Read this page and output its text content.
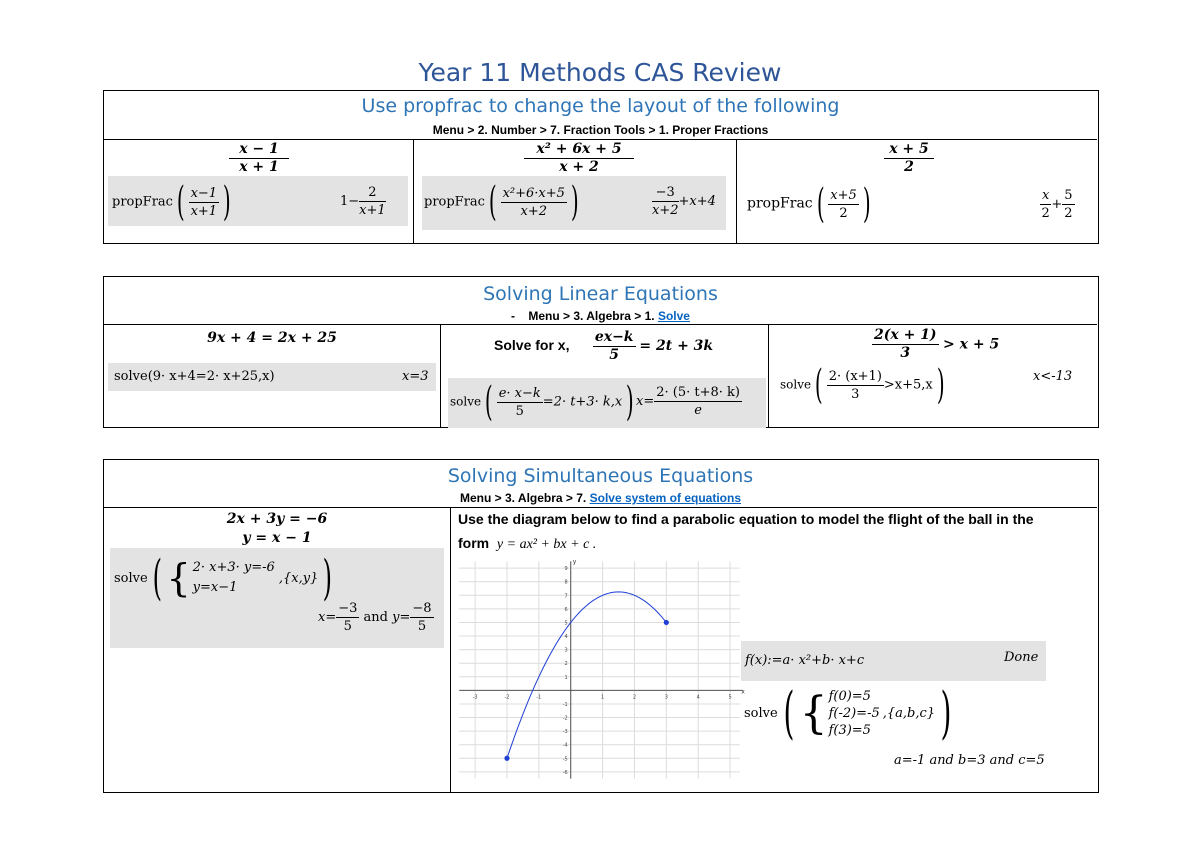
Year 11 Methods CAS Review
Use propfrac to change the layout of the following
Menu > 2. Number > 7. Fraction Tools > 1. Proper Fractions
x − 1
x + 1
propFrac( $\frac{x-1}{x+1}$ )	$1- \frac{2}{x+1}$
x² + 6x + 5
x + 2
propFrac( $\frac{\text{x²+6·x+5}}{x+2}$ )	$\frac{-3}{x+2} +x+4$
x + 5
2
propFrac( $\frac{x+5}{2}$ )	$\frac{x}{2} + \frac{5}{2}$
Solving Linear Equations
- Menu > 3. Algebra > 1. Solve
9x + 4 = 2x + 25
solve(9· x+4=2· x+25,x)	x=3
Solve for x, $\frac{ex-k}{5} = 2t + 3k$
solve( $\frac{e\cdot x-k}{5} =2\cdot t+3\cdot k,x$) $x= \frac{2\cdot (5\cdot t+8\cdot k)}{e}$
$\frac{2(x + 1)}{3} > x + 5$
solve( $\frac{2\cdot (x+1)}{3} >x+5,x$)	x<-13
Solving Simultaneous Equations
Menu > 3. Algebra > 7. Solve system of equations
2x + 3y = −6
y = x − 1
solve ( { 2· x+3· y=-6
y=x−1
,{x,y} )
$x= \frac{-3}{5}$ and $y= \frac{-8}{5}$
Use the diagram below to find a parabolic equation to model the flight of the ball in the
form y = ax² + bx + c .
x
y
-3	-2	-1	1	2	3	4	5
-6
-5
-4
-3
-2
-1
1
2
3
4
5
6
7
8
9
f(x):=a· x²+b· x+c	Done
solve ( { f(0)=5
f(-2)=-5
f(3)=5
,{a,b,c} )
a=-1 and b=3 and c=5
